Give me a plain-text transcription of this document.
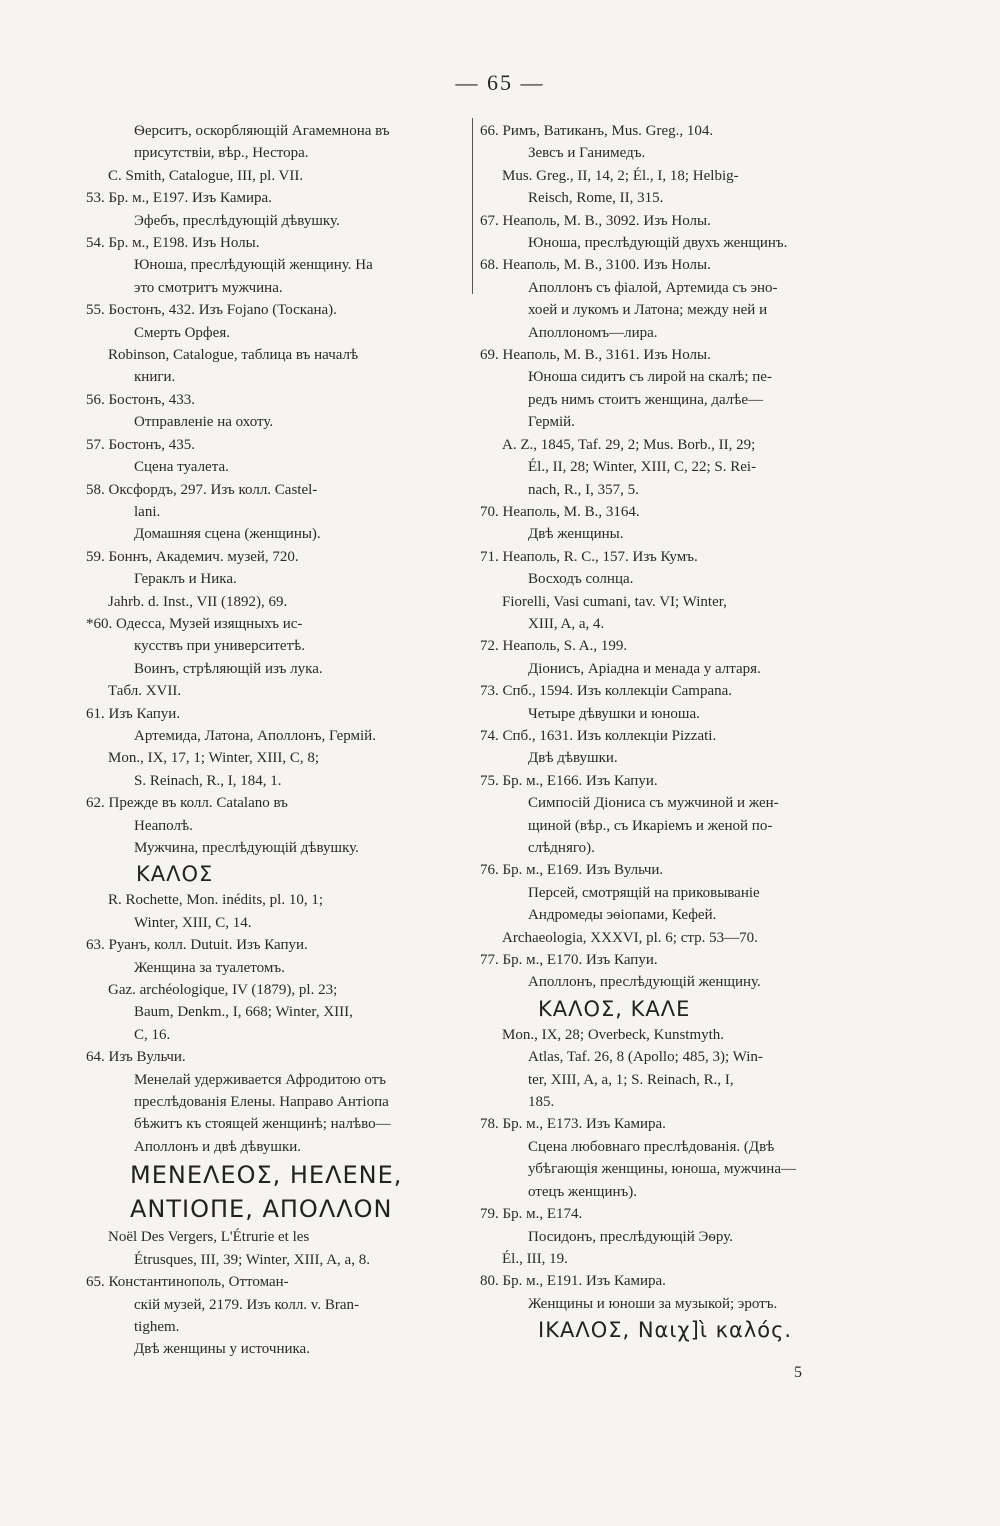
— 65 —
Ѳерситъ, оскорбляющій Агамемнона въ
присутствіи, вѣр., Нестора.
C. Smith, Catalogue, III, pl. VII.
53. Бр. м., E197. Изъ Камира.
Эфебъ, преслѣдующій дѣвушку.
54. Бр. м., E198. Изъ Нолы.
Юноша, преслѣдующій женщину. На
это смотритъ мужчина.
55. Бостонъ, 432. Изъ Fojano (Тоскана).
Смерть Орфея.
Robinson, Catalogue, таблица въ началѣ
книги.
56. Бостонъ, 433.
Отправленіе на охоту.
57. Бостонъ, 435.
Сцена туалета.
58. Оксфордъ, 297. Изъ колл. Castel-
lani.
Домашняя сцена (женщины).
59. Боннъ, Академич. музей, 720.
Гераклъ и Ника.
Jahrb. d. Inst., VII (1892), 69.
*60. Одесса, Музей изящныхъ ис-
кусствъ при университетѣ.
Воинъ, стрѣляющій изъ лука.
Табл. XVII.
61. Изъ Капуи.
Артемида, Латона, Аполлонъ, Гермій.
Mon., IX, 17, 1; Winter, XIII, C, 8;
S. Reinach, R., I, 184, 1.
62. Прежде въ колл. Catalano въ
Неаполѣ.
Мужчина, преслѣдующій дѣвушку.
ΚΑΛΟΣ
R. Rochette, Mon. inédits, pl. 10, 1;
Winter, XIII, C, 14.
63. Руанъ, колл. Dutuit. Изъ Капуи.
Женщина за туалетомъ.
Gaz. archéologique, IV (1879), pl. 23;
Baum, Denkm., I, 668; Winter, XIII,
C, 16.
64. Изъ Вульчи.
Менелай удерживается Афродитою отъ
преслѣдованія Елены. Направо Антіопа
бѣжитъ къ стоящей женщинѣ; налѣво—
Аполлонъ и двѣ дѣвушки.
MENEΛEOΣ, HEΛENE,
ANTIOΠE, AΠOΛΛON
Noël Des Vergers, L'Étrurie et les
Étrusques, III, 39; Winter, XIII, A, a, 8.
65. Константинополь, Оттоман-
скій музей, 2179. Изъ колл. v. Bran-
tighem.
Двѣ женщины у источника.
66. Римъ, Ватиканъ, Mus. Greg., 104.
Зевсъ и Ганимедъ.
Mus. Greg., II, 14, 2; Él., I, 18; Helbig-
Reisch, Rome, II, 315.
67. Неаполь, М. В., 3092. Изъ Нолы.
Юноша, преслѣдующій двухъ женщинъ.
68. Неаполь, М. В., 3100. Изъ Нолы.
Аполлонъ съ фіалой, Артемида съ эно-
хоей и лукомъ и Латона; между ней и
Аполлономъ—лира.
69. Неаполь, М. В., 3161. Изъ Нолы.
Юноша сидитъ съ лирой на скалѣ; пе-
редъ нимъ стоитъ женщина, далѣе—
Гермій.
A. Z., 1845, Taf. 29, 2; Mus. Borb., II, 29;
Él., II, 28; Winter, XIII, C, 22; S. Rei-
nach, R., I, 357, 5.
70. Неаполь, М. В., 3164.
Двѣ женщины.
71. Неаполь, R. C., 157. Изъ Кумъ.
Восходъ солнца.
Fiorelli, Vasi cumani, tav. VI; Winter,
XIII, A, a, 4.
72. Неаполь, S. A., 199.
Діонисъ, Аріадна и менада у алтаря.
73. Спб., 1594. Изъ коллекціи Campana.
Четыре дѣвушки и юноша.
74. Спб., 1631. Изъ коллекціи Pizzati.
Двѣ дѣвушки.
75. Бр. м., E166. Изъ Капуи.
Симпосій Діониса съ мужчиной и жен-
щиной (вѣр., съ Икаріемъ и женой по-
слѣдняго).
76. Бр. м., E169. Изъ Вульчи.
Персей, смотрящій на приковываніе
Андромеды эѳіопами, Кефей.
Archaeologia, XXXVI, pl. 6; стр. 53—70.
77. Бр. м., E170. Изъ Капуи.
Аполлонъ, преслѣдующій женщину.
ΚΑΛΟΣ, ΚΑΛΕ
Mon., IX, 28; Overbeck, Kunstmyth.
Atlas, Taf. 26, 8 (Apollo; 485, 3); Win-
ter, XIII, A, a, 1; S. Reinach, R., I,
185.
78. Бр. м., E173. Изъ Камира.
Сцена любовнаго преслѣдованія. (Двѣ
убѣгающія женщины, юноша, мужчина—
отецъ женщинъ).
79. Бр. м., E174.
Посидонъ, преслѣдующій Эѳру.
Él., III, 19.
80. Бр. м., E191. Изъ Камира.
Женщины и юноши за музыкой; эротъ.
ΙΚΑΛΟΣ, Ναιχ]ὶ καλός.
5
